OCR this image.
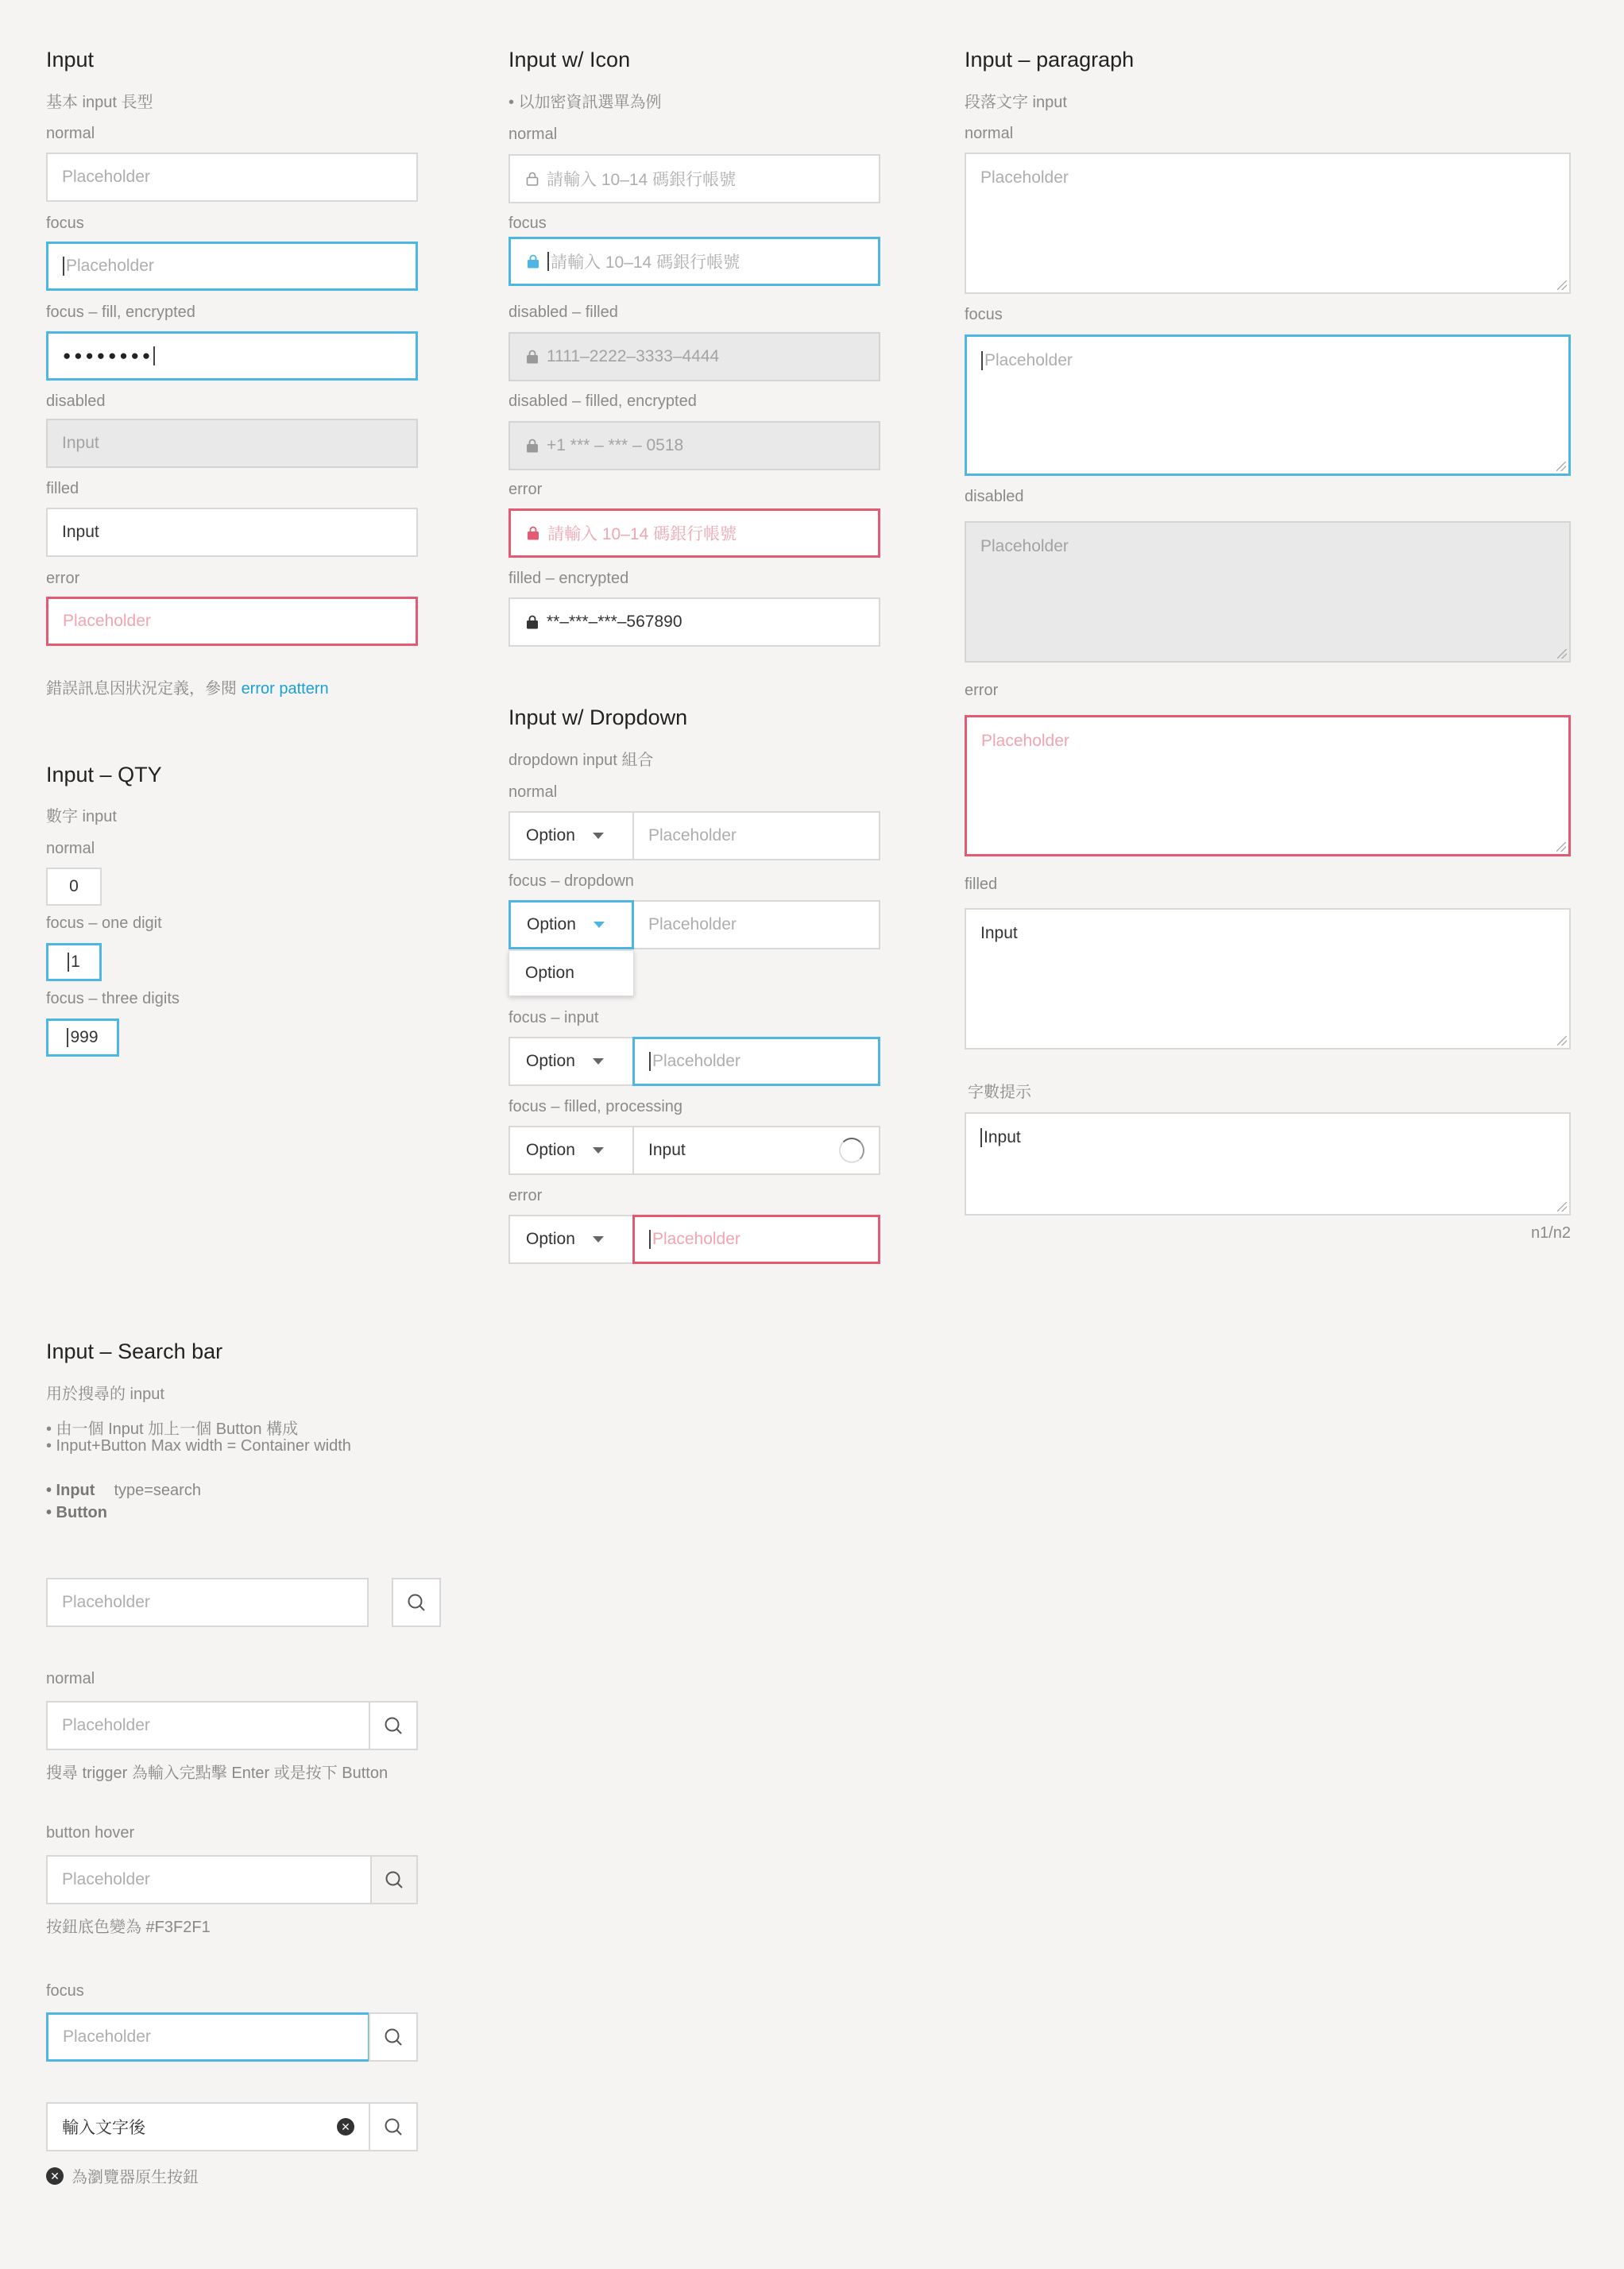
Input
基本 input 長型
normal
Placeholder
focus
Placeholder
focus – fill, encrypted
●●●●●●●●
disabled
Input
filled
Input
error
Placeholder
錯誤訊息因狀況定義，參閱 error pattern
Input – QTY
數字 input
normal
0
focus – one digit
1
focus – three digits
999
Input w/ Icon
• 以加密資訊選單為例
normal
請輸入 10–14 碼銀行帳號
focus
請輸入 10–14 碼銀行帳號
disabled – filled
1111–2222–3333–4444
disabled – filled, encrypted
+1 *** – *** – 0518
error
請輸入 10–14 碼銀行帳號
filled – encrypted
**–***–***–567890
Input w/ Dropdown
dropdown input 組合
normal
Option	Placeholder
focus – dropdown
Placeholder
Option
Option
focus – input
Option	Placeholder
focus – filled, processing
Option	Input
error
Option	Placeholder
Input – paragraph
段落文字 input
normal
Placeholder
focus
Placeholder
disabled
Placeholder
error
Placeholder
filled
Input
字數提示
Input
n1/n2
Input – Search bar
用於搜尋的 input
• 由一個 Input 加上一個 Button 構成
• Input+Button Max width = Container width
• Input type=search
• Button
Placeholder
normal
Placeholder
搜尋 trigger 為輸入完點擊 Enter 或是按下 Button
button hover
Placeholder
按鈕底色變為 #F3F2F1
focus
Placeholder
輸入文字後	✕
✕ 為瀏覽器原生按鈕
